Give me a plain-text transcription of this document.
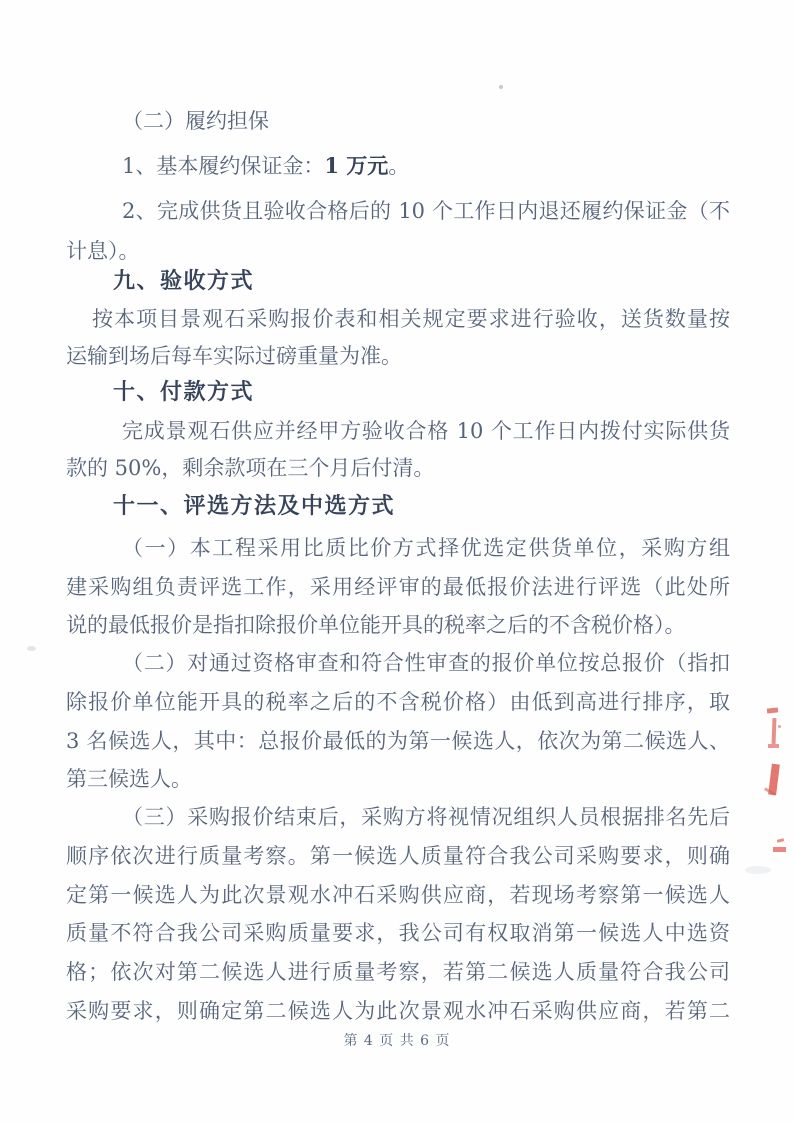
（二）履约担保
1、基本履约保证金：1 万元。
2、完成供货且验收合格后的 10 个工作日内退还履约保证金（不
计息）。
九、验收方式
按本项目景观石采购报价表和相关规定要求进行验收，送货数量按
运输到场后每车实际过磅重量为准。
十、付款方式
完成景观石供应并经甲方验收合格 10 个工作日内拨付实际供货
款的 50%，剩余款项在三个月后付清。
十一、评选方法及中选方式
（一）本工程采用比质比价方式择优选定供货单位，采购方组
建采购组负责评选工作，采用经评审的最低报价法进行评选（此处所
说的最低报价是指扣除报价单位能开具的税率之后的不含税价格）。
（二）对通过资格审查和符合性审查的报价单位按总报价（指扣
除报价单位能开具的税率之后的不含税价格）由低到高进行排序，取
3 名候选人，其中：总报价最低的为第一候选人，依次为第二候选人、
第三候选人。
（三）采购报价结束后，采购方将视情况组织人员根据排名先后
顺序依次进行质量考察。第一候选人质量符合我公司采购要求，则确
定第一候选人为此次景观水冲石采购供应商，若现场考察第一候选人
质量不符合我公司采购质量要求，我公司有权取消第一候选人中选资
格；依次对第二候选人进行质量考察，若第二候选人质量符合我公司
采购要求，则确定第二候选人为此次景观水冲石采购供应商，若第二
第 4 页 共 6 页
